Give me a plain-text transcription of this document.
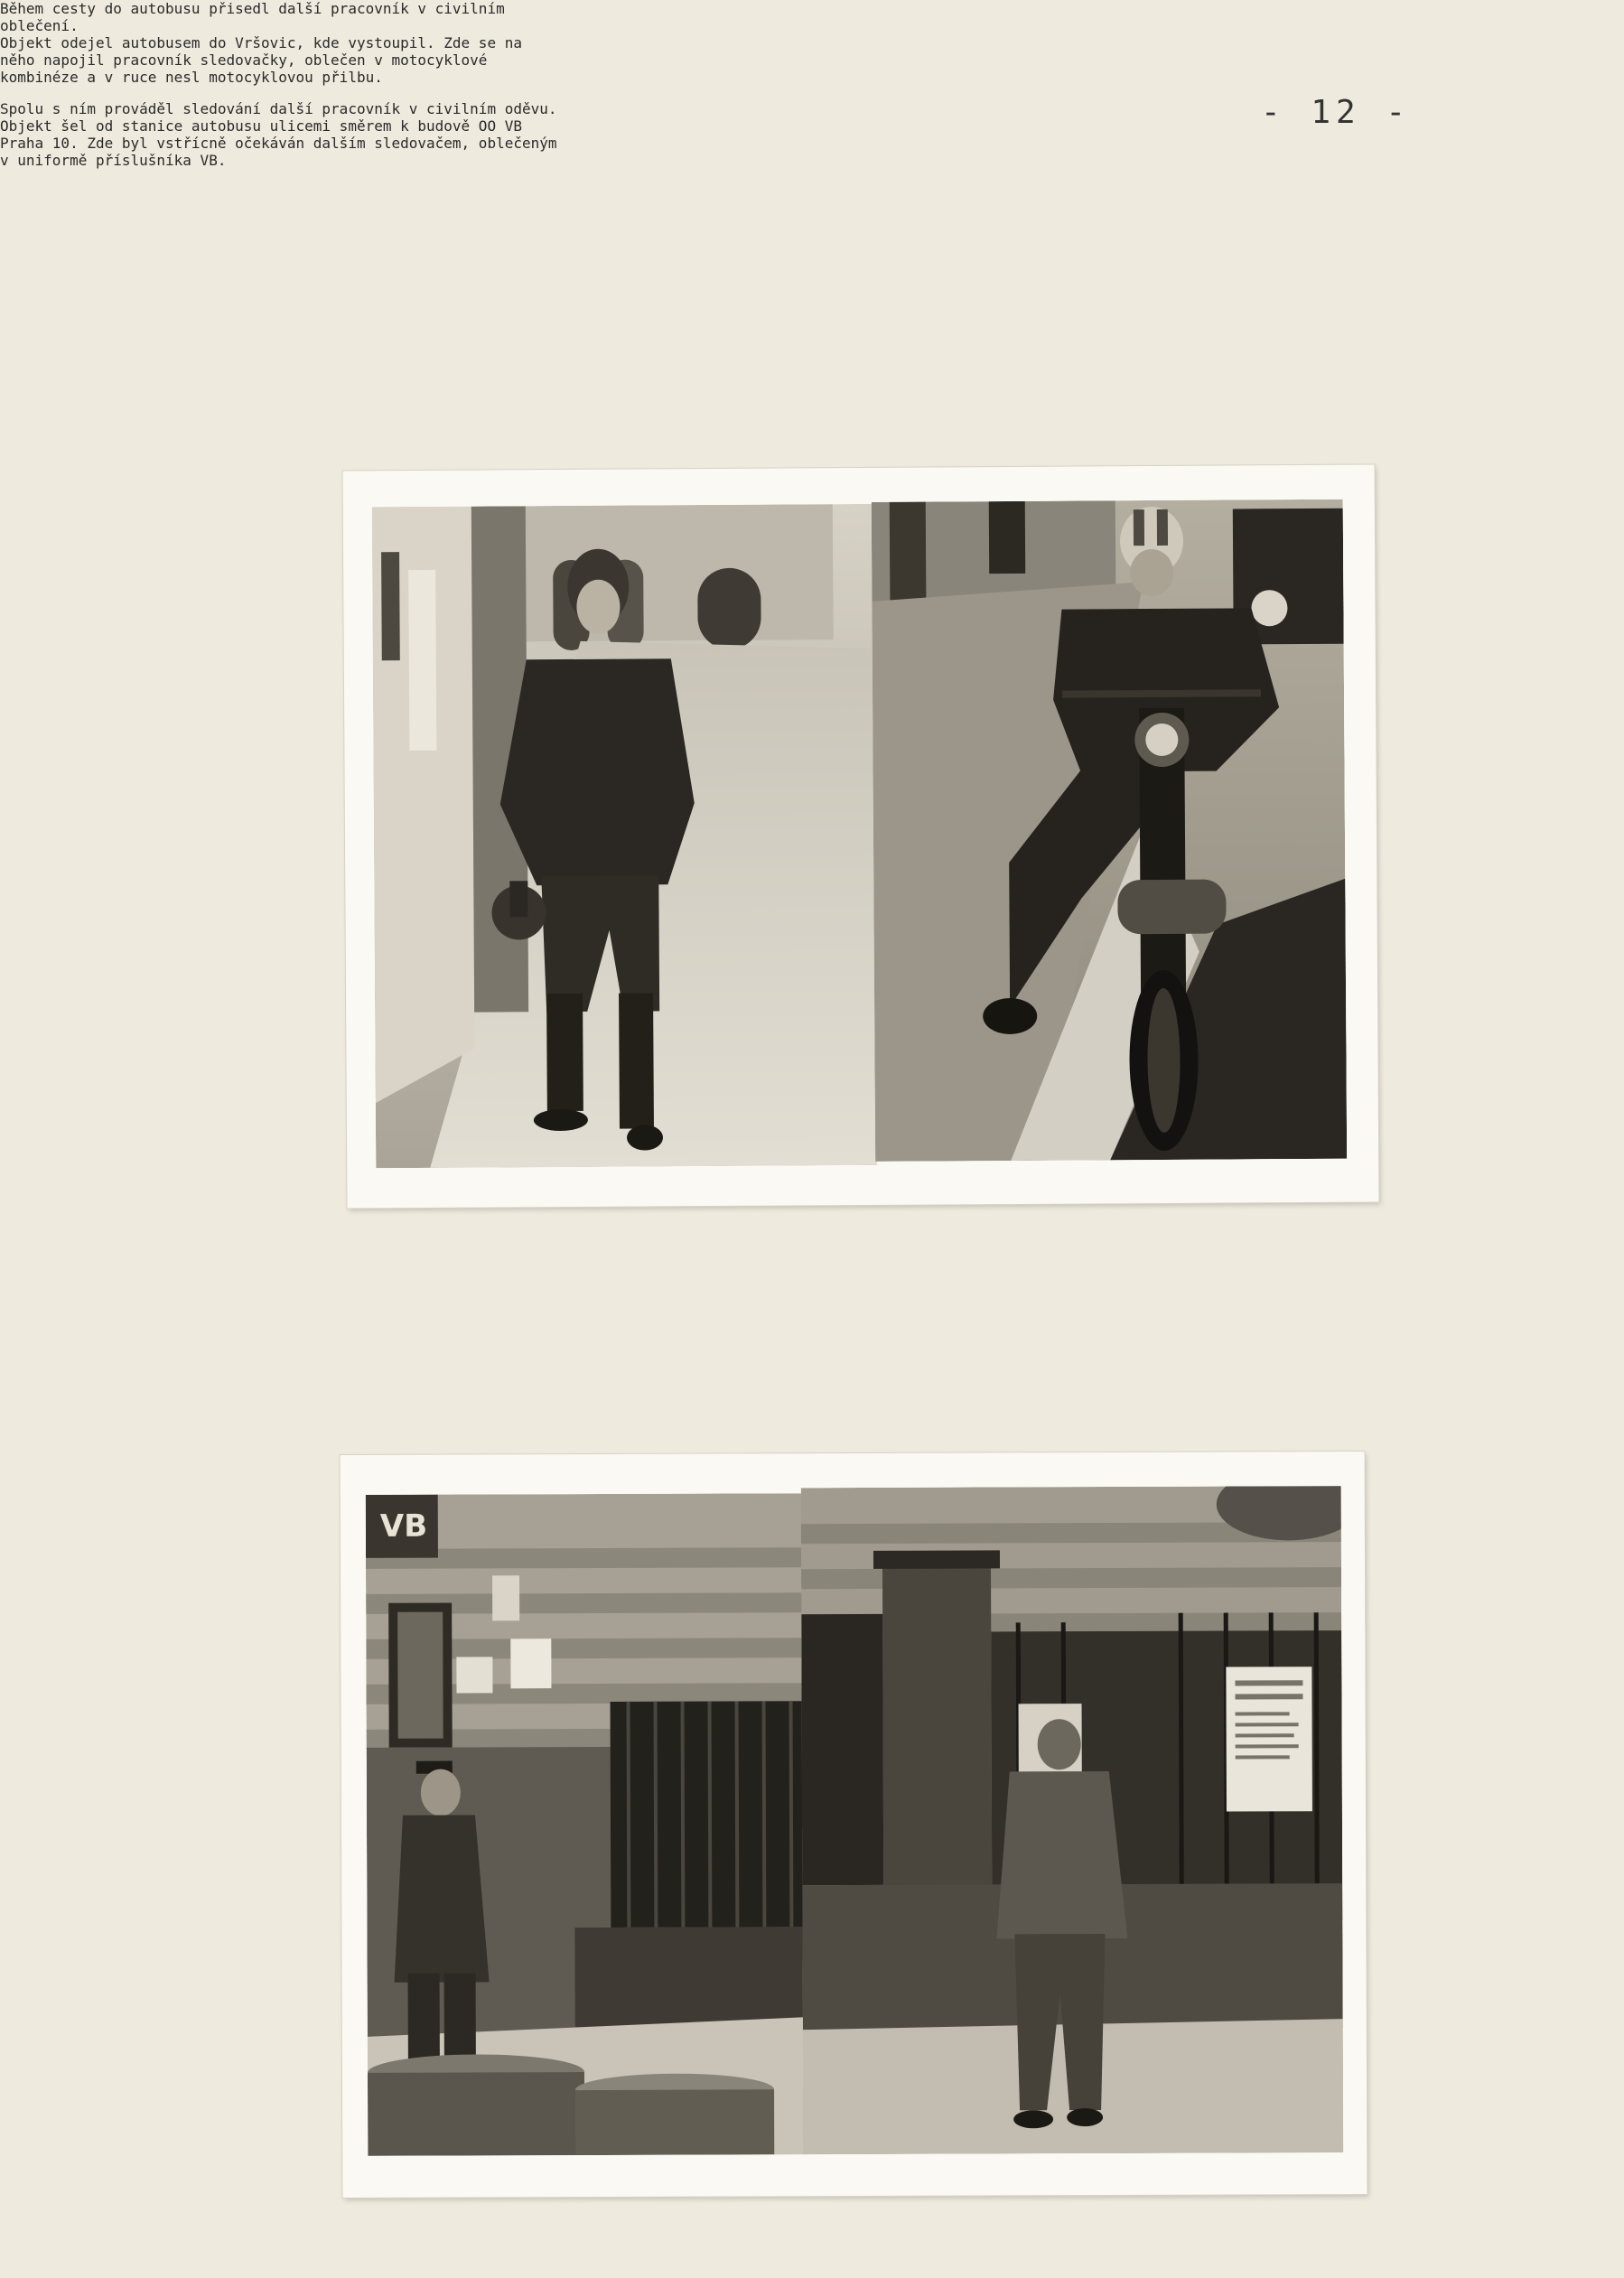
- 12 -

Během cesty do autobusu přisedl další pracovník v civilním
oblečení.
Objekt odejel autobusem do Vršovic, kde vystoupil. Zde se na
něho napojil pracovník sledovačky, oblečen v motocyklové
kombinéze a v ruce nesl motocyklovou přilbu.

Spolu s ním prováděl sledování další pracovník v civilním oděvu.
Objekt šel od stanice autobusu ulicemi směrem k budově OO VB
Praha 10. Zde byl vstřícně očekáván dalším sledovačem, oblečeným
v uniformě příslušníka VB.

VB
